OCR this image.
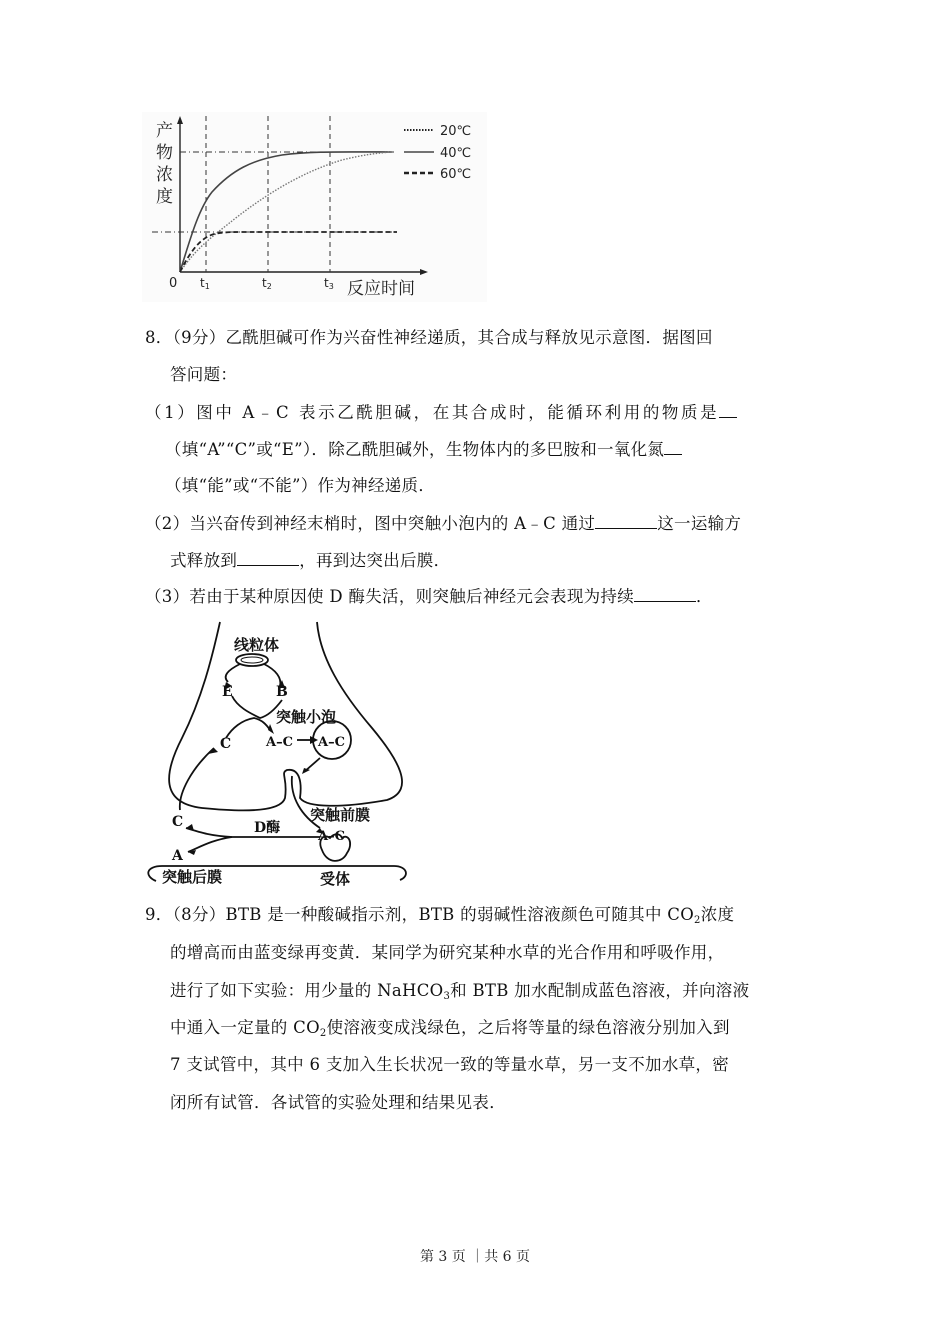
产
物
浓
度
0 t1	t2	t3 反应时间
20℃
40℃
60℃
8．（9分）乙酰胆碱可作为兴奋性神经递质，其合成与释放见示意图．据图回
答问题：
（1）图中 A﹣C 表示乙酰胆碱，在其合成时，能循环利用的物质是
（填“A”“C”或“E”）．除乙酰胆碱外，生物体内的多巴胺和一氧化氮
（填“能”或“不能”）作为神经递质．
（2）当兴奋传到神经末梢时，图中突触小泡内的 A﹣C 通过	这一运输方
式释放到	，再到达突出后膜．
（3）若由于某种原因使 D 酶失活，则突触后神经元会表现为持续	．
线粒体
E	B
突触小泡
C	A–C A–C
突触前膜
C	D酶
A–C
A
突触后膜	受体
9．（8分）BTB 是一种酸碱指示剂，BTB 的弱碱性溶液颜色可随其中 $CO_2$浓度
的增高而由蓝变绿再变黄．某同学为研究某种水草的光合作用和呼吸作用，
进行了如下实验：用少量的 NaHCO$_3$和 BTB 加水配制成蓝色溶液，并向溶液
中通入一定量的 $CO_2$使溶液变成浅绿色，之后将等量的绿色溶液分别加入到
7 支试管中，其中 6 支加入生长状况一致的等量水草，另一支不加水草，密
闭所有试管．各试管的实验处理和结果见表．
第 3 页 ｜共 6 页
